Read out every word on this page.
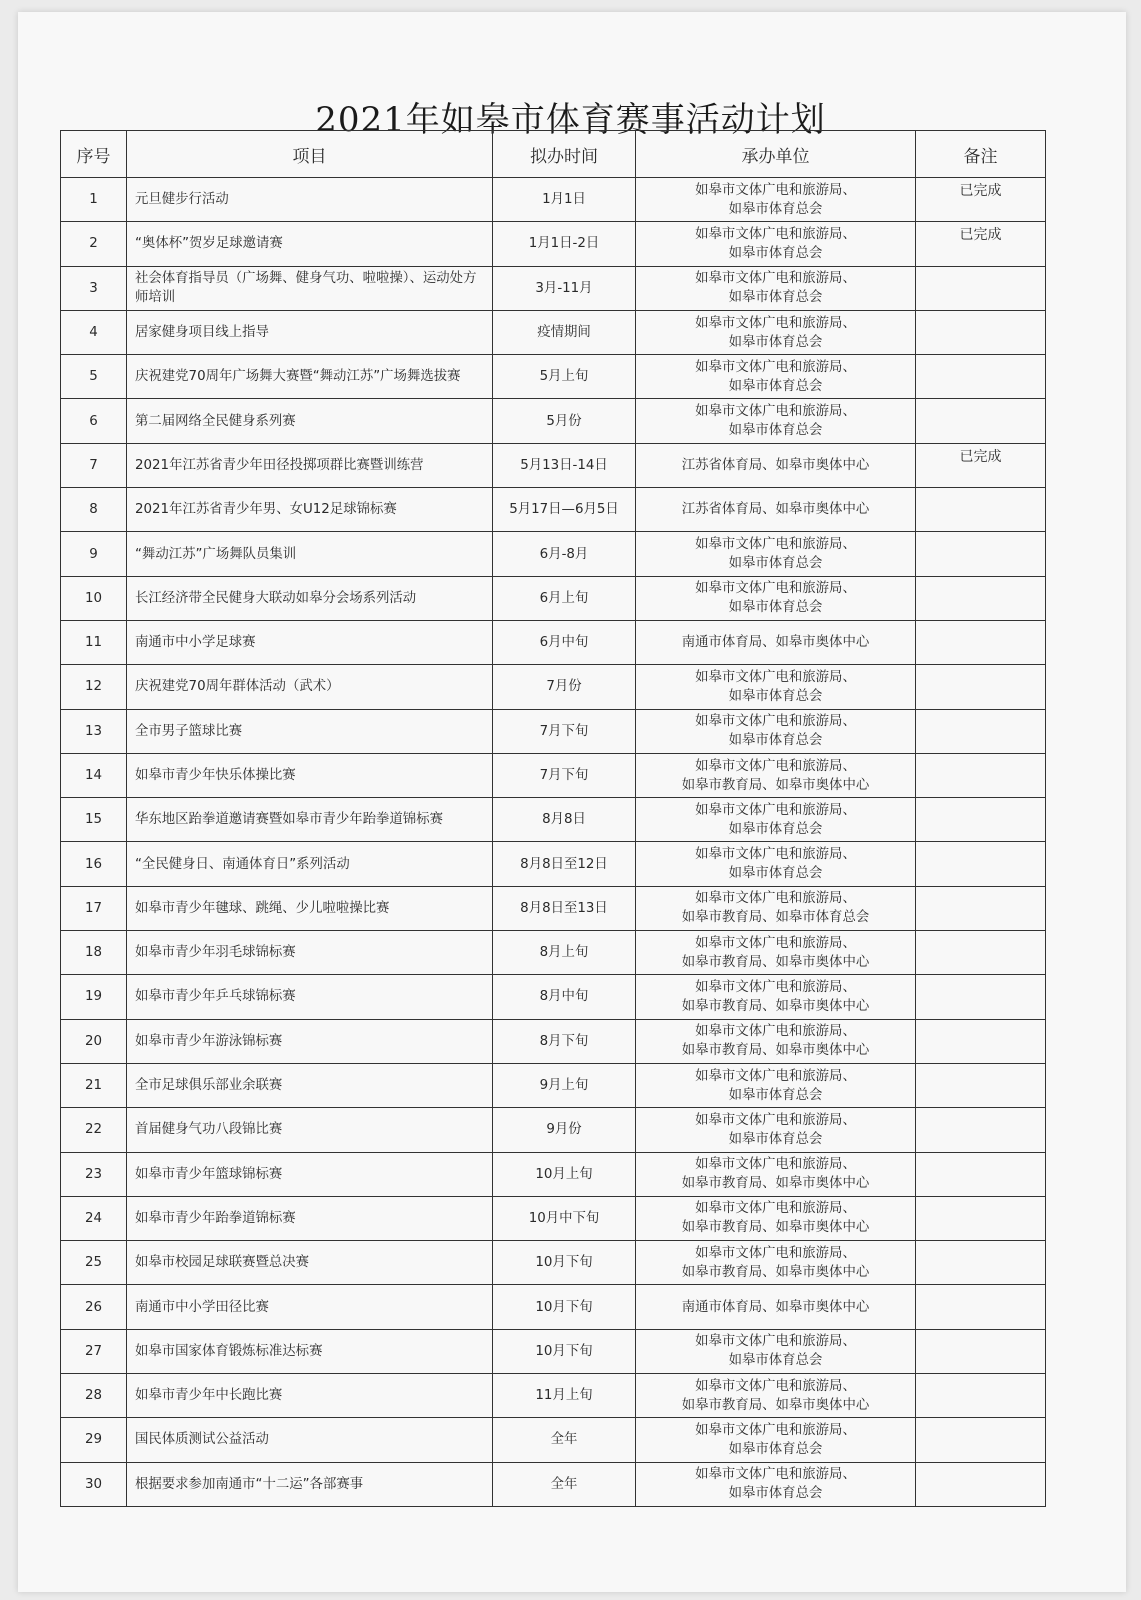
2021年如皋市体育赛事活动计划
序号	项目	拟办时间	承办单位	备注
1	元旦健步行活动	1月1日	如皋市文体广电和旅游局、
如皋市体育总会	已完成
2	“奥体杯”贺岁足球邀请赛	1月1日-2日	如皋市文体广电和旅游局、
如皋市体育总会	已完成
3	社会体育指导员（广场舞、健身气功、啦啦操）、运动处方师培训	3月-11月	如皋市文体广电和旅游局、
如皋市体育总会	
4	居家健身项目线上指导	疫情期间	如皋市文体广电和旅游局、
如皋市体育总会	
5	庆祝建党70周年广场舞大赛暨“舞动江苏”广场舞选拔赛	5月上旬	如皋市文体广电和旅游局、
如皋市体育总会	
6	第二届网络全民健身系列赛	5月份	如皋市文体广电和旅游局、
如皋市体育总会	
7	2021年江苏省青少年田径投掷项群比赛暨训练营	5月13日-14日	江苏省体育局、如皋市奥体中心	已完成
8	2021年江苏省青少年男、女U12足球锦标赛	5月17日—6月5日	江苏省体育局、如皋市奥体中心	
9	“舞动江苏”广场舞队员集训	6月-8月	如皋市文体广电和旅游局、
如皋市体育总会	
10	长江经济带全民健身大联动如皋分会场系列活动	6月上旬	如皋市文体广电和旅游局、
如皋市体育总会	
11	南通市中小学足球赛	6月中旬	南通市体育局、如皋市奥体中心	
12	庆祝建党70周年群体活动（武术）	7月份	如皋市文体广电和旅游局、
如皋市体育总会	
13	全市男子篮球比赛	7月下旬	如皋市文体广电和旅游局、
如皋市体育总会	
14	如皋市青少年快乐体操比赛	7月下旬	如皋市文体广电和旅游局、
如皋市教育局、如皋市奥体中心	
15	华东地区跆拳道邀请赛暨如皋市青少年跆拳道锦标赛	8月8日	如皋市文体广电和旅游局、
如皋市体育总会	
16	“全民健身日、南通体育日”系列活动	8月8日至12日	如皋市文体广电和旅游局、
如皋市体育总会	
17	如皋市青少年毽球、跳绳、少儿啦啦操比赛	8月8日至13日	如皋市文体广电和旅游局、
如皋市教育局、如皋市体育总会	
18	如皋市青少年羽毛球锦标赛	8月上旬	如皋市文体广电和旅游局、
如皋市教育局、如皋市奥体中心	
19	如皋市青少年乒乓球锦标赛	8月中旬	如皋市文体广电和旅游局、
如皋市教育局、如皋市奥体中心	
20	如皋市青少年游泳锦标赛	8月下旬	如皋市文体广电和旅游局、
如皋市教育局、如皋市奥体中心	
21	全市足球俱乐部业余联赛	9月上旬	如皋市文体广电和旅游局、
如皋市体育总会	
22	首届健身气功八段锦比赛	9月份	如皋市文体广电和旅游局、
如皋市体育总会	
23	如皋市青少年篮球锦标赛	10月上旬	如皋市文体广电和旅游局、
如皋市教育局、如皋市奥体中心	
24	如皋市青少年跆拳道锦标赛	10月中下旬	如皋市文体广电和旅游局、
如皋市教育局、如皋市奥体中心	
25	如皋市校园足球联赛暨总决赛	10月下旬	如皋市文体广电和旅游局、
如皋市教育局、如皋市奥体中心	
26	南通市中小学田径比赛	10月下旬	南通市体育局、如皋市奥体中心	
27	如皋市国家体育锻炼标准达标赛	10月下旬	如皋市文体广电和旅游局、
如皋市体育总会	
28	如皋市青少年中长跑比赛	11月上旬	如皋市文体广电和旅游局、
如皋市教育局、如皋市奥体中心	
29	国民体质测试公益活动	全年	如皋市文体广电和旅游局、
如皋市体育总会	
30	根据要求参加南通市“十二运”各部赛事	全年	如皋市文体广电和旅游局、
如皋市体育总会	
